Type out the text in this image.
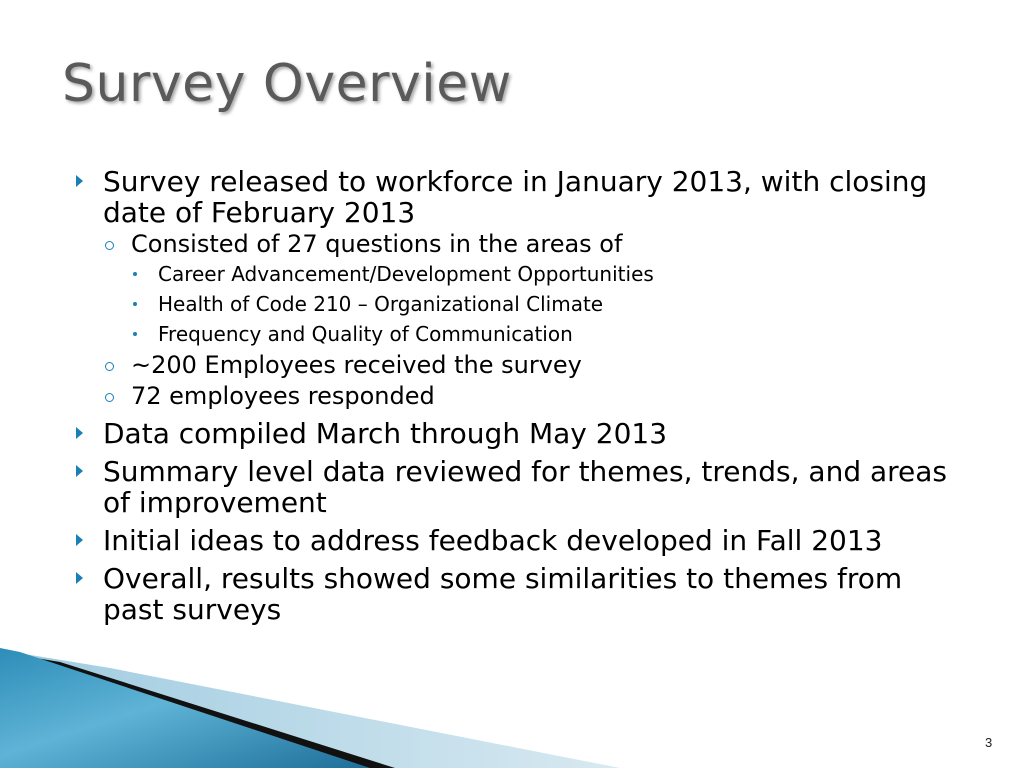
Survey Overview

Survey released to workforce in January 2013, with closing date of February 2013

Consisted of 27 questions in the areas of

Career Advancement/Development Opportunities

Health of Code 210 – Organizational Climate

Frequency and Quality of Communication

~200 Employees received the survey

72 employees responded

Data compiled March through May 2013

Summary level data reviewed for themes, trends, and areas of improvement

Initial ideas to address feedback developed in Fall 2013

Overall, results showed some similarities to themes from past surveys

3
